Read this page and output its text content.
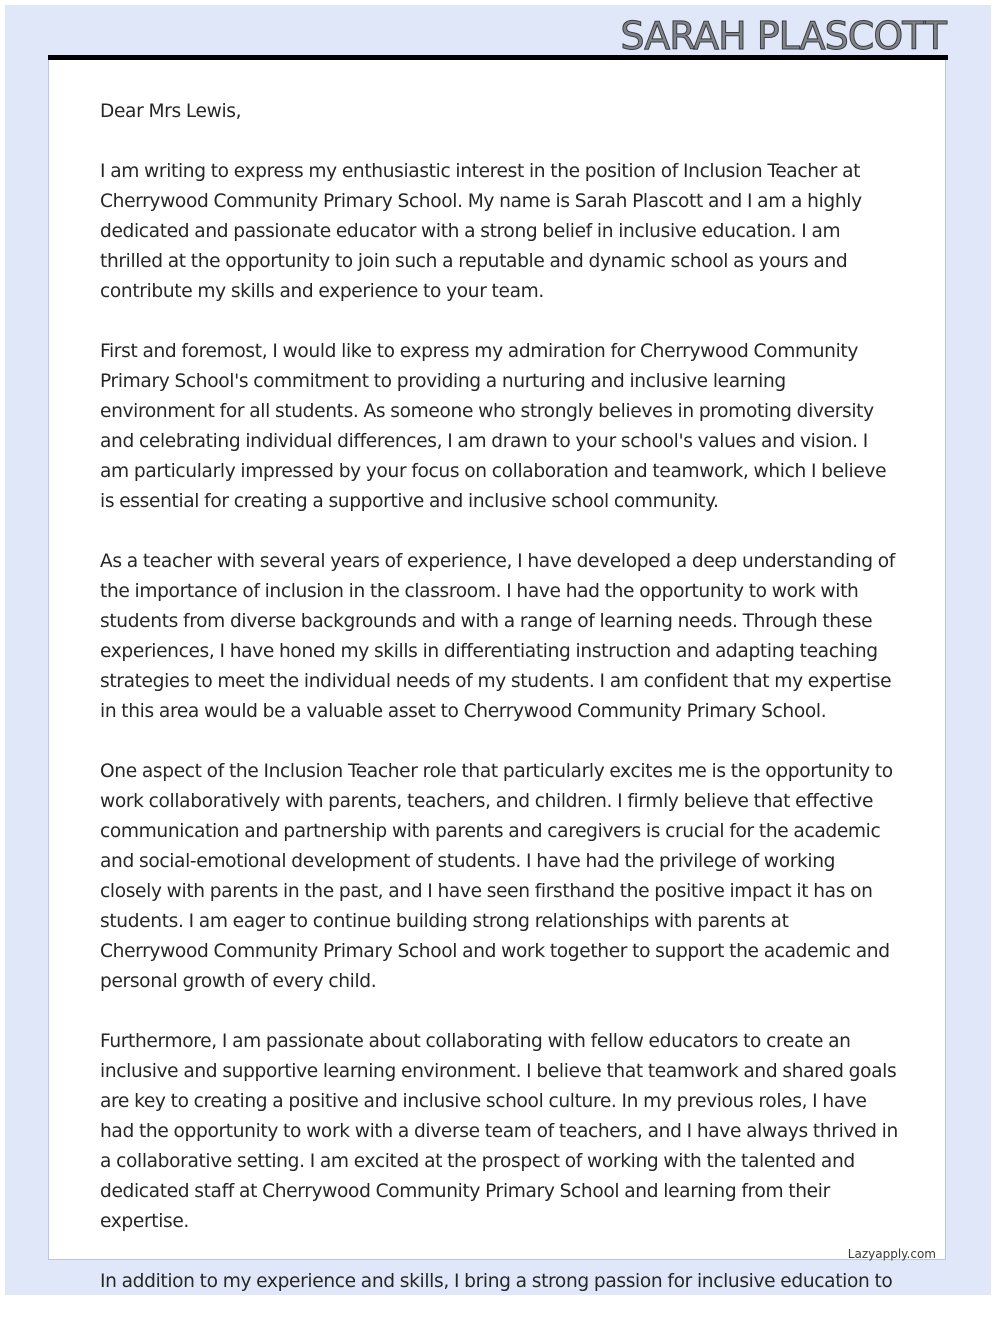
SARAH PLASCOTT

Dear Mrs Lewis,

I am writing to express my enthusiastic interest in the position of Inclusion Teacher at Cherrywood Community Primary School. My name is Sarah Plascott and I am a highly dedicated and passionate educator with a strong belief in inclusive education. I am thrilled at the opportunity to join such a reputable and dynamic school as yours and contribute my skills and experience to your team.

First and foremost, I would like to express my admiration for Cherrywood Community Primary School's commitment to providing a nurturing and inclusive learning environment for all students. As someone who strongly believes in promoting diversity and celebrating individual differences, I am drawn to your school's values and vision. I am particularly impressed by your focus on collaboration and teamwork, which I believe is essential for creating a supportive and inclusive school community.

As a teacher with several years of experience, I have developed a deep understanding of the importance of inclusion in the classroom. I have had the opportunity to work with students from diverse backgrounds and with a range of learning needs. Through these experiences, I have honed my skills in differentiating instruction and adapting teaching strategies to meet the individual needs of my students. I am confident that my expertise in this area would be a valuable asset to Cherrywood Community Primary School.

One aspect of the Inclusion Teacher role that particularly excites me is the opportunity to work collaboratively with parents, teachers, and children. I firmly believe that effective communication and partnership with parents and caregivers is crucial for the academic and social-emotional development of students. I have had the privilege of working closely with parents in the past, and I have seen firsthand the positive impact it has on students. I am eager to continue building strong relationships with parents at Cherrywood Community Primary School and work together to support the academic and personal growth of every child.

Furthermore, I am passionate about collaborating with fellow educators to create an inclusive and supportive learning environment. I believe that teamwork and shared goals are key to creating a positive and inclusive school culture. In my previous roles, I have had the opportunity to work with a diverse team of teachers, and I have always thrived in a collaborative setting. I am excited at the prospect of working with the talented and dedicated staff at Cherrywood Community Primary School and learning from their expertise.

In addition to my experience and skills, I bring a strong passion for inclusive education to

Lazyapply.com
